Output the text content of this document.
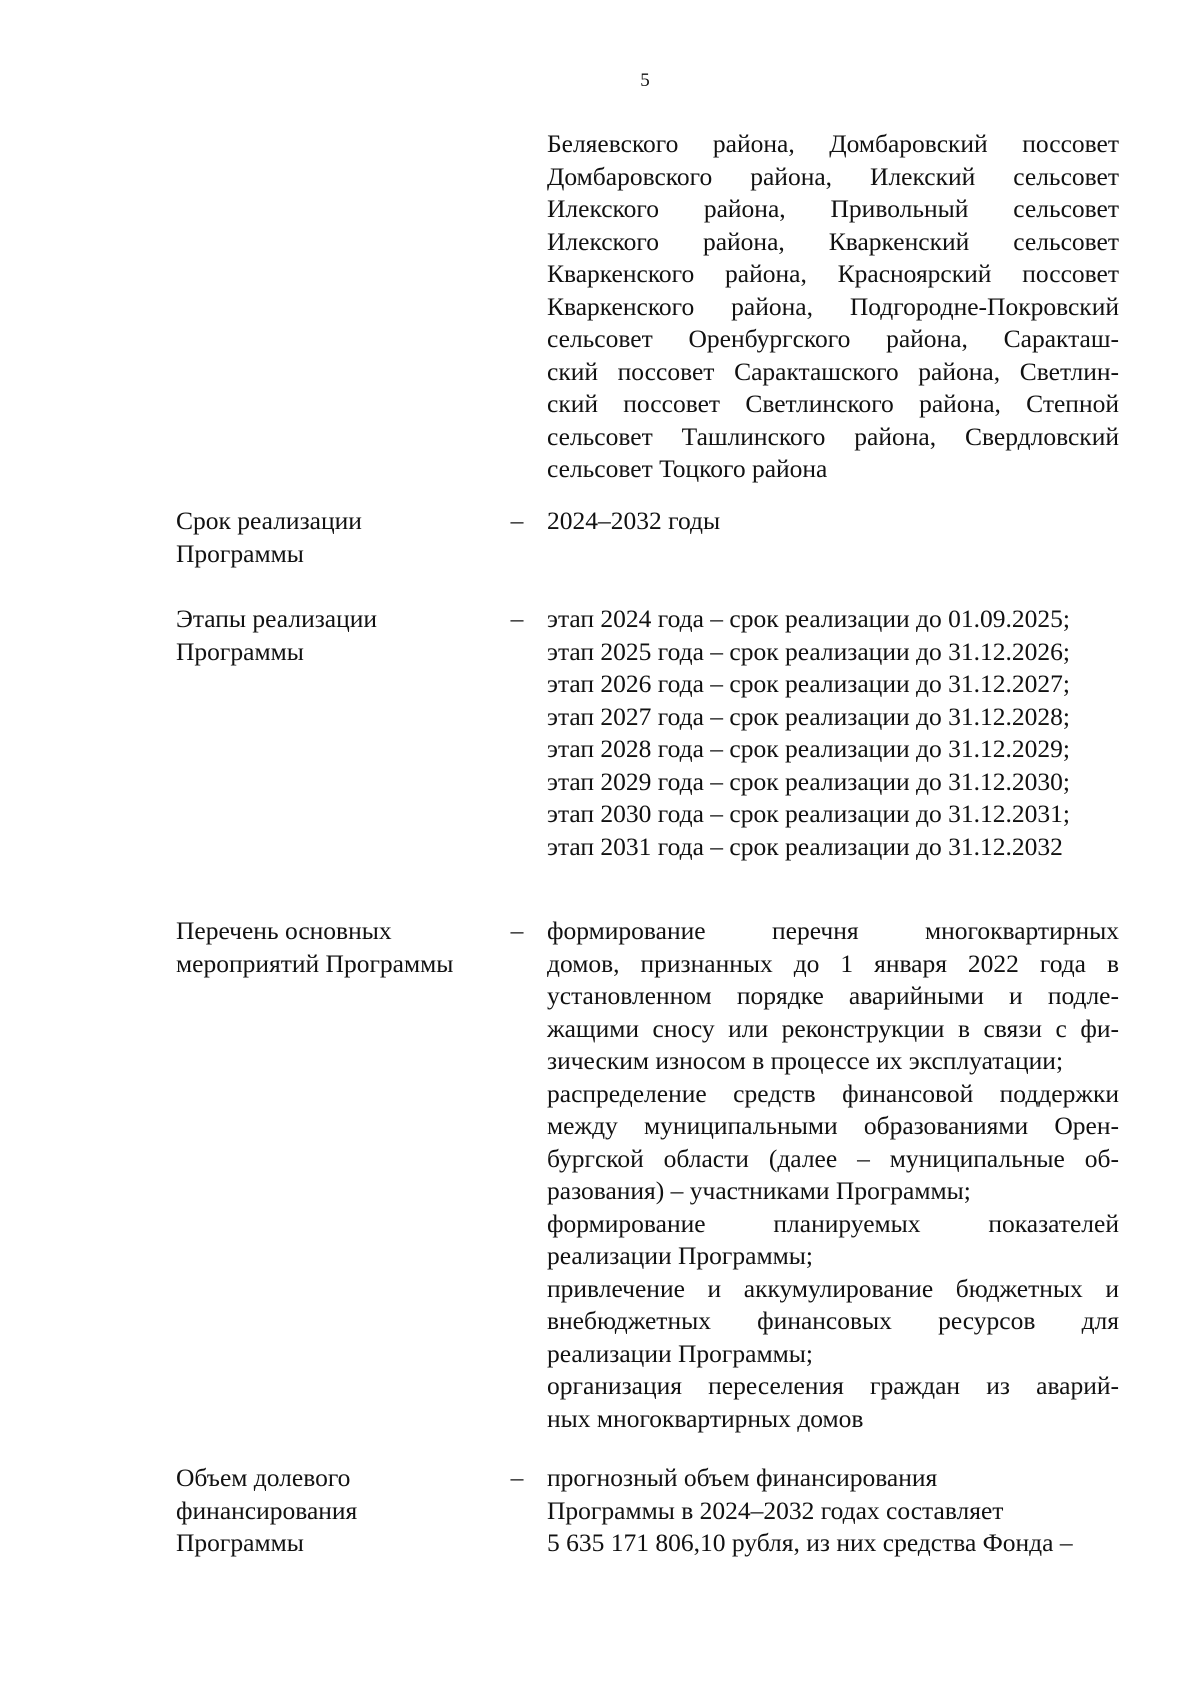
5
Беляевского района, Домбаровский поссовет
Домбаровского района, Илекский сельсовет
Илекского района, Привольный сельсовет
Илекского района, Кваркенский сельсовет
Кваркенского района, Красноярский поссовет
Кваркенского района, Подгородне-Покровский
сельсовет Оренбургского района, Саракташ-
ский поссовет Саракташского района, Светлин-
ский поссовет Светлинского района, Степной
сельсовет Ташлинского района, Свердловский
сельсовет Тоцкого района
Срок реализации
Программы
– 2024–2032 годы
Этапы реализации
Программы
– этап 2024 года – срок реализации до 01.09.2025;
этап 2025 года – срок реализации до 31.12.2026;
этап 2026 года – срок реализации до 31.12.2027;
этап 2027 года – срок реализации до 31.12.2028;
этап 2028 года – срок реализации до 31.12.2029;
этап 2029 года – срок реализации до 31.12.2030;
этап 2030 года – срок реализации до 31.12.2031;
этап 2031 года – срок реализации до 31.12.2032
Перечень основных
мероприятий Программы
– формирование перечня многоквартирных
домов, признанных до 1 января 2022 года в
установленном порядке аварийными и подле-
жащими сносу или реконструкции в связи с фи-
зическим износом в процессе их эксплуатации;
распределение средств финансовой поддержки
между муниципальными образованиями Орен-
бургской области (далее – муниципальные об-
разования) – участниками Программы;
формирование планируемых показателей
реализации Программы;
привлечение и аккумулирование бюджетных и
внебюджетных финансовых ресурсов для
реализации Программы;
организация переселения граждан из аварий-
ных многоквартирных домов
Объем долевого
финансирования
Программы
– прогнозный объем финансирования
Программы в 2024–2032 годах составляет
5 635 171 806,10 рубля, из них средства Фонда –
